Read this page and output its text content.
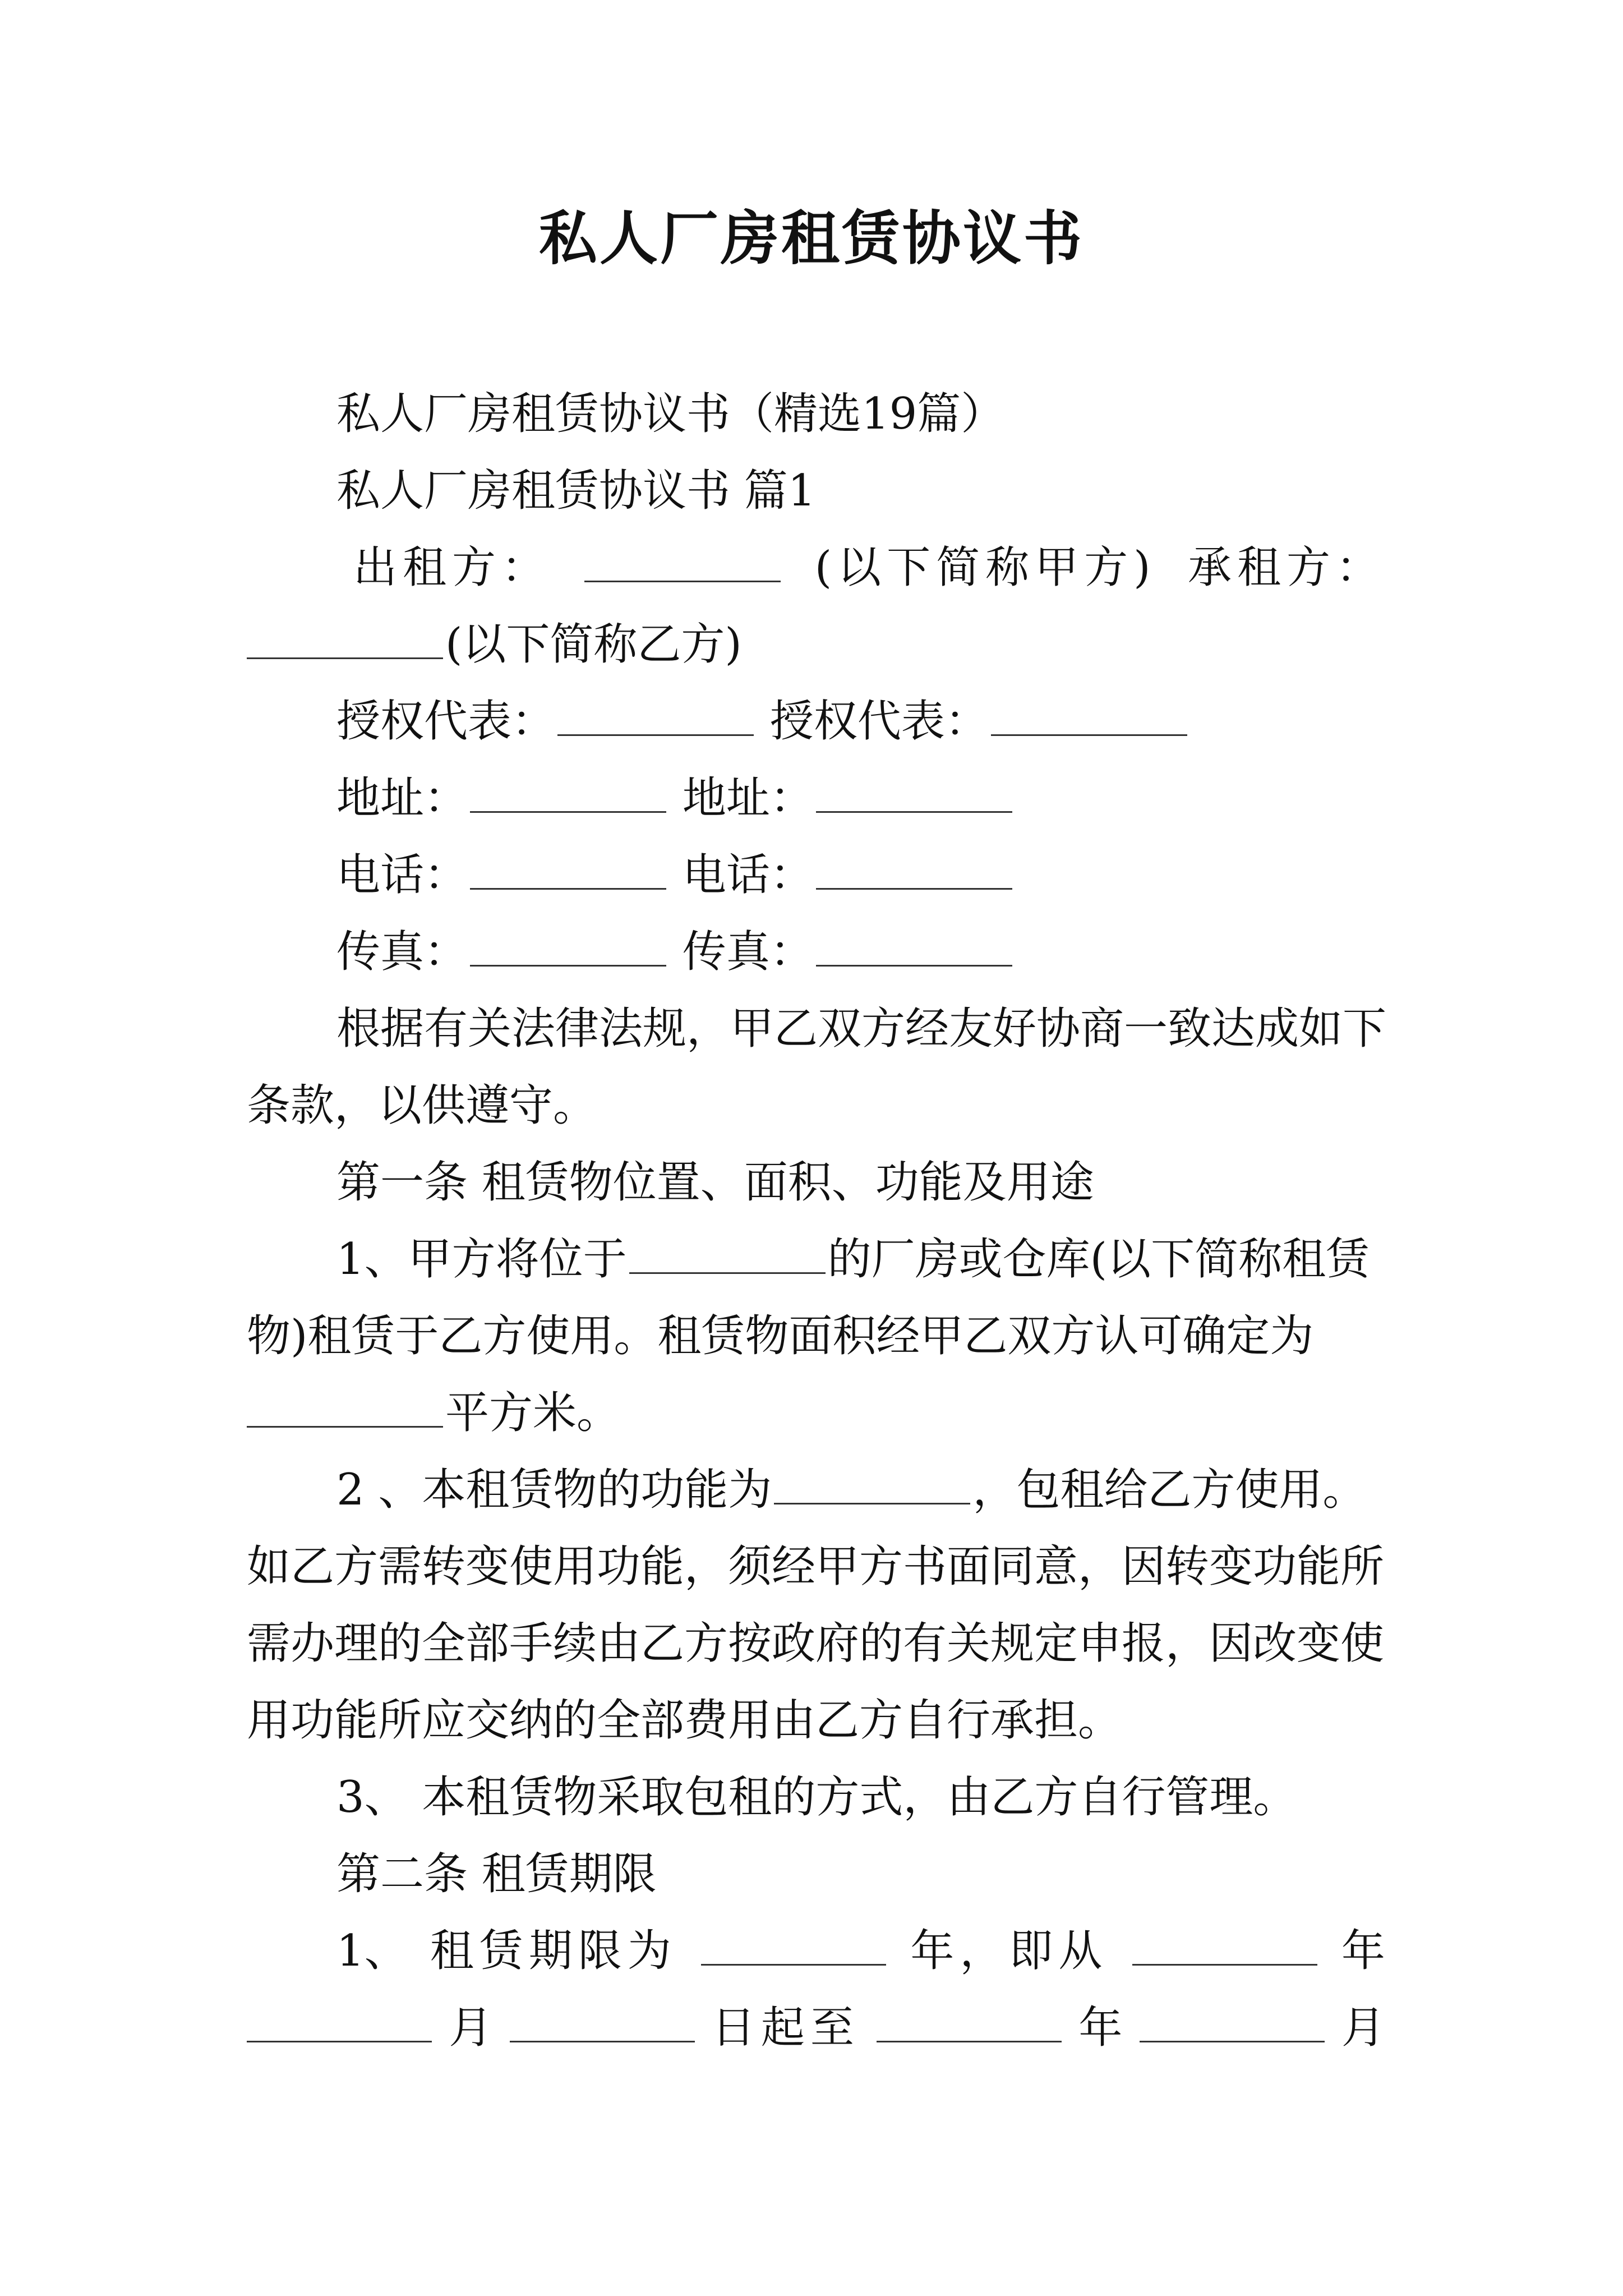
私人厂房租赁协议书
私人厂房租赁协议书（精选19篇）
私人厂房租赁协议书 篇1
出租方：	(以下简称甲方) 承租方：
(以下简称乙方)
授权代表：	授权代表：
地址：	地址：
电话：	电话：
传真：	传真：
根据有关法律法规，甲乙双方经友好协商一致达成如下
条款，以供遵守。
第一条 租赁物位置、面积、功能及用途
1、甲方将位于	的厂房或仓库(以下简称租赁
物)租赁于乙方使用。租赁物面积经甲乙双方认可确定为
平方米。
2 、本租赁物的功能为	，包租给乙方使用。
如乙方需转变使用功能，须经甲方书面同意，因转变功能所
需办理的全部手续由乙方按政府的有关规定申报，因改变使
用功能所应交纳的全部费用由乙方自行承担。
3、 本租赁物采取包租的方式，由乙方自行管理。
第二条 租赁期限
1、 租赁期限为	年，即从	年
月	日起至	年	月
